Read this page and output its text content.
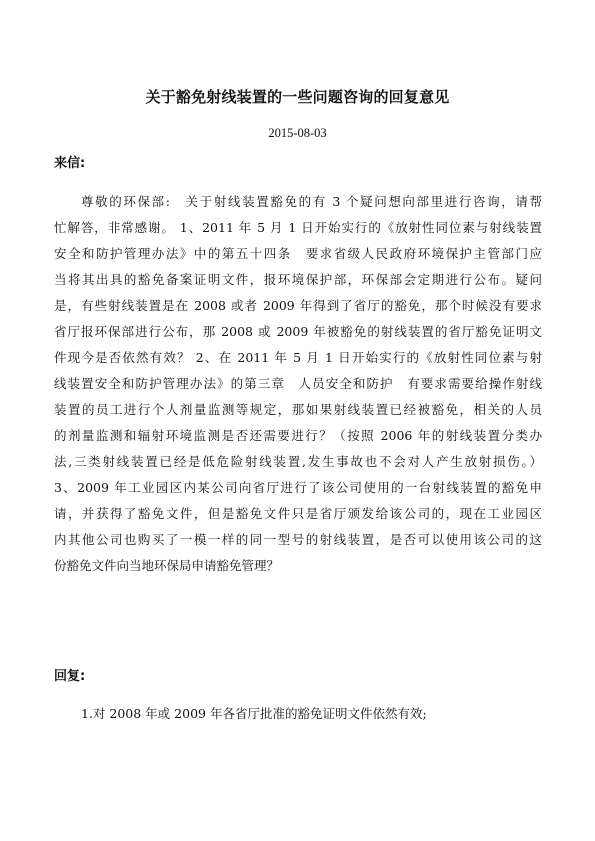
关于豁免射线装置的一些问题咨询的回复意见
2015-08-03
来信:
尊敬的环保部:　关于射线装置豁免的有 3 个疑问想向部里进行咨询，请帮
忙解答，非常感谢。 1、2011 年 5 月 1 日开始实行的《放射性同位素与射线装置
安全和防护管理办法》中的第五十四条　要求省级人民政府环境保护主管部门应
当将其出具的豁免备案证明文件，报环境保护部，环保部会定期进行公布。疑问
是，有些射线装置是在 2008 或者 2009 年得到了省厅的豁免，那个时候没有要求
省厅报环保部进行公布，那 2008 或 2009 年被豁免的射线装置的省厅豁免证明文
件现今是否依然有效？ 2、在 2011 年 5 月 1 日开始实行的《放射性同位素与射
线装置安全和防护管理办法》的第三章　人员安全和防护　有要求需要给操作射线
装置的员工进行个人剂量监测等规定，那如果射线装置已经被豁免，相关的人员
的剂量监测和辐射环境监测是否还需要进行？（按照 2006 年的射线装置分类办
法,三类射线装置已经是低危险射线装置,发生事故也不会对人产生放射损伤。）
3、2009 年工业园区内某公司向省厅进行了该公司使用的一台射线装置的豁免申
请，并获得了豁免文件，但是豁免文件只是省厅颁发给该公司的，现在工业园区
内其他公司也购买了一模一样的同一型号的射线装置，是否可以使用该公司的这
份豁免文件向当地环保局申请豁免管理？
回复:
1.对 2008 年或 2009 年各省厅批准的豁免证明文件依然有效;
